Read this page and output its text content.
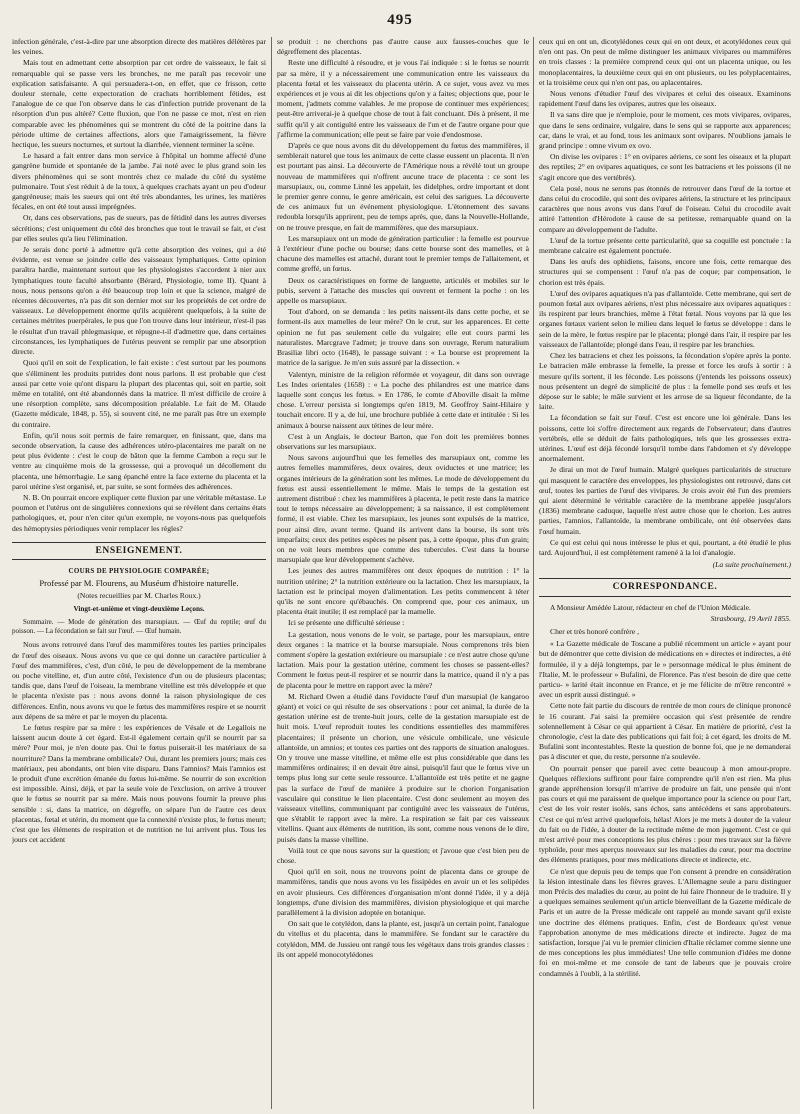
495

infection générale, c'est-à-dire par une absorption directe des matières délétères par les veines.

Mais tout en admettant cette absorption par cet ordre de vaisseaux, le fait si remarquable qui se passe vers les bronches, ne me paraît pas recevoir une explication satisfaisante. A qui persuadera-t-on, en effet, que ce frisson, cette douleur sternale, cette expectoration de crachats horriblement fétides, est l'analogue de ce que l'on observe dans le cas d'infection putride provenant de la résorption d'un pus altéré? Cette fluxion, que l'on ne passe ce mot, n'est en rien comparable avec les phénomènes qui se montrent du côté de la poitrine dans la période ultime de certaines affections, alors que l'amaigrissement, la fièvre hectique, les sueurs nocturnes, et surtout la diarrhée, viennent terminer la scène.

Le hasard a fait entrer dans mon service à l'hôpital un homme affecté d'une gangrène humide et spontanée de la jambe. J'ai noté avec le plus grand soin les divers phénomènes qui se sont montrés chez ce malade du côté du système pulmonaire. Tout s'est réduit à de la toux, à quelques crachats ayant un peu d'odeur gangréneuse; mais les sueurs qui ont été très abondantes, les urines, les matières fécales, en ont été tout aussi imprégnées.

Or, dans ces observations, pas de sueurs, pas de fétidité dans les autres diverses sécrétions; c'est uniquement du côté des bronches que tout le travail se fait, et c'est par elles seules qu'a lieu l'élimination.

Je serais donc porté à admettre qu'à cette absorption des veines, qui a été évidente, est venue se joindre celle des vaisseaux lymphatiques. Cette opinion paraîtra hardie, maintenant surtout que les physiologistes s'accordent à nier aux lymphatiques toute faculté absorbante (Bérard, Physiologie, tome II). Quant à nous, nous pensons qu'on a été beaucoup trop loin et que la science, malgré de récentes découvertes, n'a pas dit son dernier mot sur les propriétés de cet ordre de vaisseaux. Le développement énorme qu'ils acquièrent quelquefois, à la suite de certaines métrites puerpérales, le pus que l'on trouve dans leur intérieur, n'est-il pas le résultat d'un travail phlegmasique, et répugne-t-il d'admettre que, dans certaines circonstances, les lymphatiques de l'utérus peuvent se remplir par une absorption directe.

Quoi qu'il en soit de l'explication, le fait existe : c'est surtout par les poumons que s'éliminent les produits putrides dont nous parlons. Il est probable que c'est aussi par cette voie qu'ont disparu la plupart des placentas qui, soit en partie, soit même en totalité, ont été abandonnés dans la matrice. Il m'est difficile de croire à une résorption complète, sans décomposition préalable. Le fait de M. Olaude (Gazette médicale, 1848, p. 55), si souvent cité, ne me paraît pas être un exemple du contraire.

Enfin, qu'il nous soit permis de faire remarquer, en finissant, que, dans ma seconde observation, la cause des adhérences utéro-placentaires me paraît on ne peut plus évidente : c'est le coup de bâton que la femme Cambon a reçu sur le ventre au cinquième mois de la grossesse, qui a provoqué un décollement du placenta, une hémorrhagie. Le sang épanché entre la face externe du placenta et la paroi utérine s'est organisé, et, par suite, se sont formées des adhérences.

N. B. On pourrait encore expliquer cette fluxion par une véritable métastase. Le poumon et l'utérus ont de singulières connexions qui se révèlent dans certains états pathologiques, et, pour n'en citer qu'un exemple, ne voyons-nous pas quelquefois des hémoptysies périodiques venir remplacer les règles?

ENSEIGNEMENT.
COURS DE PHYSIOLOGIE COMPARÉE;
Professé par M. Flourens, au Muséum d'histoire naturelle.
(Notes recueillies par M. Charles Roux.)
Vingt-et-unième et vingt-deuxième Leçons.
Sommaire. — Mode de génération des marsupiaux. — Œuf du reptile; œuf du poisson. — La fécondation se fait sur l'œuf. — Œuf humain.

Nous avons retrouvé dans l'œuf des mammifères toutes les parties principales de l'œuf des oiseaux. Nous avons vu que ce qui donne un caractère particulier à l'œuf des mammifères, c'est, d'un côté, le peu de développement de la membrane ou poche vitelline, et, d'un autre côté, l'existence d'un ou de plusieurs placentas; tandis que, dans l'œuf de l'oiseau, la membrane vitelline est très développée et que le placenta n'existe pas : nous avons donné la raison physiologique de ces différences. Enfin, nous avons vu que le fœtus des mammifères respire et se nourrit aux dépens de sa mère et par le moyen du placenta.

Le fœtus respire par sa mère : les expériences de Vésale et de Legallois ne laissent aucun doute à cet égard. Est-il également certain qu'il se nourrit par sa mère? Pour moi, je n'en doute pas. Oui le fœtus puiserait-il les matériaux de sa nourriture? Dans la membrane ombilicale? Oui, durant les premiers jours; mais ces matériaux, peu abondants, ont bien vite disparu. Dans l'amnios? Mais l'amnios est le produit d'une excrétion émanée du fœtus lui-même. Se nourrir de son excrétion est impossible. Ainsi, déjà, et par la seule voie de l'exclusion, on arrive à trouver que le fœtus se nourrit par sa mère. Mais nous pouvons fournir la preuve plus sensible : si, dans la matrice, on dégreffe, on sépare l'un de l'autre ces deux placentas, fœtal et utérin, du moment que la connexité n'existe plus, le fœtus meurt; c'est que les éléments de respiration et de nutrition ne lui arrivent plus. Tous les jours cet accident

se produit : ne cherchons pas d'autre cause aux fausses-couches que le dégreffement des placentas.

Reste une difficulté à résoudre, et je vous l'ai indiquée : si le fœtus se nourrit par sa mère, il y a nécessairement une communication entre les vaisseaux du placenta fœtal et les vaisseaux du placenta utérin. A ce sujet, vous avez vu mes expériences et je vous ai dit les objections qu'on y a faites; objections que, pour le moment, j'admets comme valables. Je me propose de continuer mes expériences; peut-être arriverai-je à quelque chose de tout à fait concluant. Dès à présent, il me suffit qu'il y ait contiguïté entre les vaisseaux de l'un et de l'autre organe pour que j'affirme la communication; elle peut se faire par voie d'endosmose.

D'après ce que nous avons dit du développement du fœtus des mammifères, il semblerait naturel que tous les animaux de cette classe eussent un placenta. Il n'en est pourtant pas ainsi. La découverte de l'Amérique nous a révélé tout un groupe nouveau de mammifères qui n'offrent aucune trace de placenta : ce sont les marsupiaux, ou, comme Linné les appelait, les didelphes, ordre important et dont le premier genre connu, le genre américain, est celui des sarigues. La découverte de ces animaux fut un événement physiologique. L'étonnement des savans redoubla lorsqu'ils apprirent, peu de temps après, que, dans la Nouvelle-Hollande, on ne trouve presque, en fait de mammifères, que des marsupiaux.

Les marsupiaux ont un mode de génération particulier : la femelle est pourvue à l'extérieur d'une poche ou bourse; dans cette bourse sont des mamelles, et à chacune des mamelles est attaché, durant tout le premier temps de l'allaitement, et comme greffé, un fœtus.

Deux os caractéristiques en forme de languette, articulés et mobiles sur le pubis, servent à l'attache des muscles qui ouvrent et ferment la poche : on les appelle os marsupiaux.

Tout d'abord, on se demanda : les petits naissent-ils dans cette poche, et se forment-ils aux mamelles de leur mère? On le crut, sur les apparences. Et cette opinion ne fut pas seulement celle du vulgaire; elle eut cours parmi les naturalistes. Marcgrave l'admet; je trouve dans son ouvrage, Rerum naturalium Brasiliæ libri octo (1648), le passage suivant : « La bourse est proprement la matrice de la sarigue. Je m'en suis assuré par la dissection. »

Valentyn, ministre de la religion réformée et voyageur, dit dans son ouvrage Les Indes orientales (1658) : « La poche des philandres est une matrice dans laquelle sont conçus les fœtus. » En 1786, le comte d'Aboville disait la même chose. L'erreur persista si longtemps qu'en 1819, M. Geoffroy Saint-Hilaire y touchait encore. Il y a, de lui, une brochure publiée à cette date et intitulée : Si les animaux à bourse naissent aux tétines de leur mère.

C'est à un Anglais, le docteur Barton, que l'on doit les premières bonnes observations sur les marsupiaux.

Nous savons aujourd'hui que les femelles des marsupiaux ont, comme les autres femelles mammifères, deux ovaires, deux oviductes et une matrice; les organes intérieurs de la génération sont les mêmes. Le mode de développement du fœtus est aussi essentiellement le même. Mais le temps de la gestation est autrement distribué : chez les mammifères à placenta, le petit reste dans la matrice tout le temps nécessaire au développement; à sa naissance, il est complètement formé, il est viable. Chez les marsupiaux, les jeunes sont expulsés de la matrice, pour ainsi dire, avant terme. Quand ils arrivent dans la bourse, ils sont très imparfaits; ceux des petites espèces ne pèsent pas, à cette époque, plus d'un grain; on ne voit leurs membres que comme des tubercules. C'est dans la bourse marsupiale que leur développement s'achève.

Les jeunes des autres mammifères ont deux époques de nutrition : 1° la nutrition utérine; 2° la nutrition extérieure ou la lactation. Chez les marsupiaux, la lactation est le principal moyen d'alimentation. Les petits commencent à téter qu'ils ne sont encore qu'ébauchés. On comprend que, pour ces animaux, un placenta était inutile; il est remplacé par la mamelle.

Ici se présente une difficulté sérieuse :

La gestation, nous venons de le voir, se partage, pour les marsupiaux, entre deux organes : la matrice et la bourse marsupiale. Nous comprenons très bien comment s'opère la gestation extérieure ou marsupiale : ce n'est autre chose qu'une lactation. Mais pour la gestation utérine, comment les choses se passent-elles? Comment le fœtus peut-il respirer et se nourrir dans la matrice, quand il n'y a pas de placenta pour le mettre en rapport avec la mère?

M. Richard Owen a étudié dans l'oviducte l'œuf d'un marsupial (le kangaroo géant) et voici ce qui résulte de ses observations : pour cet animal, la durée de la gestation utérine est de trente-huit jours, celle de la gestation marsupiale est de huit mois. L'œuf reproduit toutes les conditions essentielles des mammifères placentaires; il présente un chorion, une vésicule ombilicale, une vésicule allantoïde, un amnios; et toutes ces parties ont des rapports de situation analogues. On y trouve une masse vitelline, et même elle est plus considérable que dans les mammifères ordinaires; il en devait être ainsi, puisqu'il faut que le fœtus vive un temps plus long sur cette seule ressource. L'allantoïde est très petite et ne gagne pas la surface de l'œuf de manière à produire sur le chorion l'organisation vasculaire qui constitue le lien placentaire. C'est donc seulement au moyen des vaisseaux vitellins, communiquant par contiguïté avec les vaisseaux de l'utérus, que s'établit le rapport avec la mère. La respiration se fait par ces vaisseaux vitellins. Quant aux éléments de nutrition, ils sont, comme nous venons de le dire, puisés dans la masse vitelline.

Voilà tout ce que nous savons sur la question; et j'avoue que c'est bien peu de chose.

Quoi qu'il en soit, nous ne trouvons point de placenta dans ce groupe de mammifères, tandis que nous avons vu les fissipèdes en avoir un et les solipèdes en avoir plusieurs. Ces différences d'organisation m'ont donné l'idée, il y a déjà longtemps, d'une division des mammifères, division physiologique et qui marche parallèlement à la division adoptée en botanique.

On sait que le cotylédon, dans la plante, est, jusqu'à un certain point, l'analogue du vitellus et du placenta, dans le mammifère. Se fondant sur le caractère du cotylédon, MM. de Jussieu ont rangé tous les végétaux dans trois grandes classes : ils ont appelé monocotylédones

ceux qui en ont un, dicotylédones ceux qui en ont deux, et acotylédones ceux qui n'en ont pas. On peut de même distinguer les animaux vivipares ou mammifères en trois classes : la première comprend ceux qui ont un placenta unique, ou les monoplacentaires, la deuxième ceux qui en ont plusieurs, ou les polyplacentaires, et la troisième ceux qui n'en ont pas, ou aplacentaires.

Nous venons d'étudier l'œuf des vivipares et celui des oiseaux. Examinons rapidement l'œuf dans les ovipares, autres que les oiseaux.

Il va sans dire que je n'emploie, pour le moment, ces mots vivipares, ovipares, que dans le sens ordinaire, vulgaire, dans le sens qui se rapporte aux apparences; car, dans le vrai, et au fond, tous les animaux sont ovipares. N'oublions jamais le grand principe : omne vivum ex ovo.

On divise les ovipares : 1° en ovipares aériens, ce sont les oiseaux et la plupart des reptiles; 2° en ovipares aquatiques, ce sont les batraciens et les poissons (il ne s'agit encore que des vertébrés).

Cela posé, nous ne serons pas étonnés de retrouver dans l'œuf de la tortue et dans celui du crocodile, qui sont des ovipares aériens, la structure et les principaux caractères que nous avons vus dans l'œuf de l'oiseau. Celui du crocodile avait attiré l'attention d'Hérodote à cause de sa petitesse, remarquable quand on la compare au développement de l'adulte.

L'œuf de la tortue présente cette particularité, que sa coquille est ponctuée : la membrane calcaire est également ponctuée.

Dans les œufs des ophidiens, faisons, encore une fois, cette remarque des structures qui se compensent : l'œuf n'a pas de coque; par compensation, le chorion est très épais.

L'œuf des ovipares aquatiques n'a pas d'allantoïde. Cette membrane, qui sert de poumon fœtal aux ovipares aériens, n'est plus nécessaire aux ovipares aquatiques : ils respirent par leurs branchies, même à l'état fœtal. Nous voyons par là que les organes fœtaux varient selon le milieu dans lequel le fœtus se développe : dans le sein de la mère, le fœtus respire par le placenta; plongé dans l'air, il respire par les vaisseaux de l'allantoïde; plongé dans l'eau, il respire par les branchies.

Chez les batraciens et chez les poissons, la fécondation s'opère après la ponte. Le batracien mâle embrasse la femelle, la presse et force les œufs à sortir : à mesure qu'ils sortent, il les féconde. Les poissons (j'entends les poissons osseux) nous présentent un degré de simplicité de plus : la femelle pond ses œufs et les dépose sur le sable; le mâle survient et les arrose de sa liqueur fécondante, de la laite.

La fécondation se fait sur l'œuf. C'est est encore une loi générale. Dans les poissons, cette loi s'offre directement aux regards de l'observateur; dans d'autres vertébrés, elle se déduit de faits pathologiques, tels que les grossesses extra-utérines. L'œuf est déjà fécondé lorsqu'il tombe dans l'abdomen et s'y développe anormalement.

Je dirai un mot de l'œuf humain. Malgré quelques particularités de structure qui masquent le caractère des enveloppes, les physiologistes ont retrouvé, dans cet œuf, toutes les parties de l'œuf des vivipares. Je crois avoir été l'un des premiers qui aient déterminé le véritable caractère de la membrane appelée jusqu'alors (1836) membrane caduque, laquelle n'est autre chose que le chorion. Les autres parties, l'amnios, l'allantoïde, la membrane ombilicale, ont été observées dans l'œuf humain.

Ce qui est celui qui nous intéresse le plus et qui, pourtant, a été étudié le plus tard. Aujourd'hui, il est complètement ramené à la loi d'analogie.

(La suite prochainement.)
CORRESPONDANCE.
A Monsieur Amédée Latour, rédacteur en chef de l'Union Médicale.
Strasbourg, 19 Avril 1855.
Cher et très honoré confrère ,

« La Gazette médicale de Toscane a publié récemment un article » ayant pour but de démontrer que cette division de médications en » directes et indirectes, a été formulée, il y a déjà longtemps, par le » personnage médical le plus éminent de l'Italie, M. le professeur » Bufalini, de Florence. Pas n'est besoin de dire que cette particu- » larité était inconnue en France, et je me félicite de m'être rencontré » avec un esprit aussi distingué. »

Cette note fait partie du discours de rentrée de mon cours de clinique prononcé le 16 courant. J'ai saisi la première occasion qui s'est présentée de rendre solennellement à César ce qui appartient à César. En matière de priorité, c'est la chronologie, c'est la date des publications qui fait foi; à cet égard, les droits de M. Bufalini sont incontestables. Reste la question de bonne foi, que je ne demanderai pas à discuter et que, du reste, personne n'a soulevée.

On pourrait penser que pareil avec cette beaucoup à mon amour-propre. Quelques réflexions suffiront pour faire comprendre qu'il n'en est rien. Ma plus grande appréhension lorsqu'il m'arrive de produire un fait, une pensée qui n'ont pas cours et qui me paraissent de quelque importance pour la science ou pour l'art, c'est de les voir rester isolés, sans échos, sans antécédens et sans approbateurs. C'est ce qui m'est arrivé quelquefois, hélas! Alors je me mets à douter de la valeur du fait ou de l'idée, à douter de la rectitude même de mon jugement. C'est ce qui m'est arrivé pour mes conceptions les plus chères : pour mes travaux sur la fièvre typhoïde, pour mes aperçus nouveaux sur les maladies du cœur, pour ma doctrine des éléments pratiques, pour mes médications directe et indirecte, etc.

Ce n'est que depuis peu de temps que l'on consent à prendre en considération la lésion intestinale dans les fièvres graves. L'Allemagne seule a paru distinguer mon Précis des maladies du cœur, au point de lui faire l'honneur de le traduire. Il y a quelques semaines seulement qu'un article bienveillant de la Gazette médicale de Paris et un autre de la Presse médicale ont rappelé au monde savant qu'il existe une doctrine des élémens pratiques. Enfin, c'est de Bordeaux qu'est venue l'approbation anonyme de mes médications directe et indirecte. Jugez de ma satisfaction, lorsque j'ai vu le premier clinicien d'Italie réclamer comme sienne une de mes conceptions les plus immédiates! Une telle communion d'idées me donne foi en moi-même et me console de tant de labeurs que je pouvais croire condamnés à l'oubli, à la stérilité.
